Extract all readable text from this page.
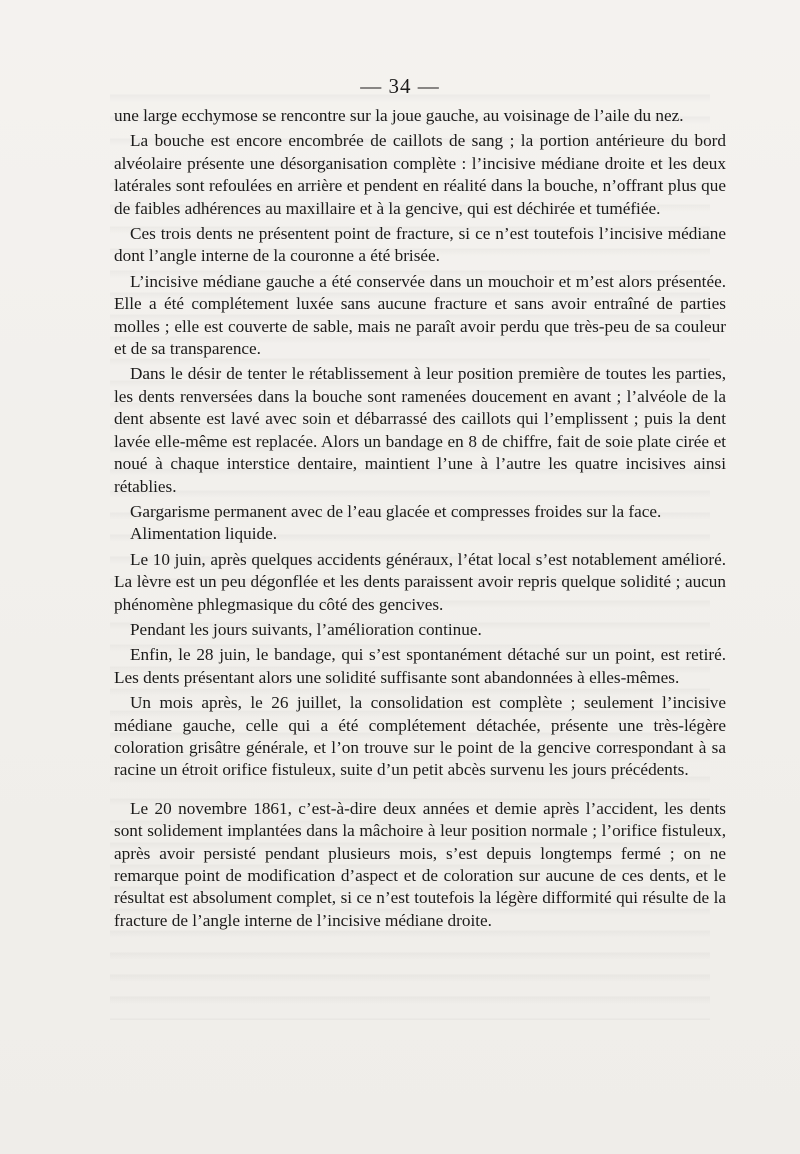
— 34 —

une large ecchymose se rencontre sur la joue gauche, au voisinage de l’aile du nez.

La bouche est encore encombrée de caillots de sang ; la portion antérieure du bord alvéolaire présente une désorganisation complète : l’incisive médiane droite et les deux latérales sont refoulées en arrière et pendent en réalité dans la bouche, n’offrant plus que de faibles adhérences au maxillaire et à la gencive, qui est déchirée et tuméfiée.

Ces trois dents ne présentent point de fracture, si ce n’est toutefois l’incisive médiane dont l’angle interne de la couronne a été brisée.

L’incisive médiane gauche a été conservée dans un mouchoir et m’est alors présentée. Elle a été complétement luxée sans aucune fracture et sans avoir entraîné de parties molles ; elle est couverte de sable, mais ne paraît avoir perdu que très-peu de sa couleur et de sa transparence.

Dans le désir de tenter le rétablissement à leur position première de toutes les parties, les dents renversées dans la bouche sont ramenées doucement en avant ; l’alvéole de la dent absente est lavé avec soin et débarrassé des caillots qui l’emplissent ; puis la dent lavée elle-même est replacée. Alors un bandage en 8 de chiffre, fait de soie plate cirée et noué à chaque interstice dentaire, maintient l’une à l’autre les quatre incisives ainsi rétablies.

Gargarisme permanent avec de l’eau glacée et compresses froides sur la face.

Alimentation liquide.

Le 10 juin, après quelques accidents généraux, l’état local s’est notablement amélioré. La lèvre est un peu dégonflée et les dents paraissent avoir repris quelque solidité ; aucun phénomène phlegmasique du côté des gencives.

Pendant les jours suivants, l’amélioration continue.

Enfin, le 28 juin, le bandage, qui s’est spontanément détaché sur un point, est retiré. Les dents présentant alors une solidité suffisante sont abandonnées à elles-mêmes.

Un mois après, le 26 juillet, la consolidation est complète ; seulement l’incisive médiane gauche, celle qui a été complétement détachée, présente une très-légère coloration grisâtre générale, et l’on trouve sur le point de la gencive correspondant à sa racine un étroit orifice fistuleux, suite d’un petit abcès survenu les jours précédents.

Le 20 novembre 1861, c’est-à-dire deux années et demie après l’accident, les dents sont solidement implantées dans la mâchoire à leur position normale ; l’orifice fistuleux, après avoir persisté pendant plusieurs mois, s’est depuis longtemps fermé ; on ne remarque point de modification d’aspect et de coloration sur aucune de ces dents, et le résultat est absolument complet, si ce n’est toutefois la légère difformité qui résulte de la fracture de l’angle interne de l’incisive médiane droite.
